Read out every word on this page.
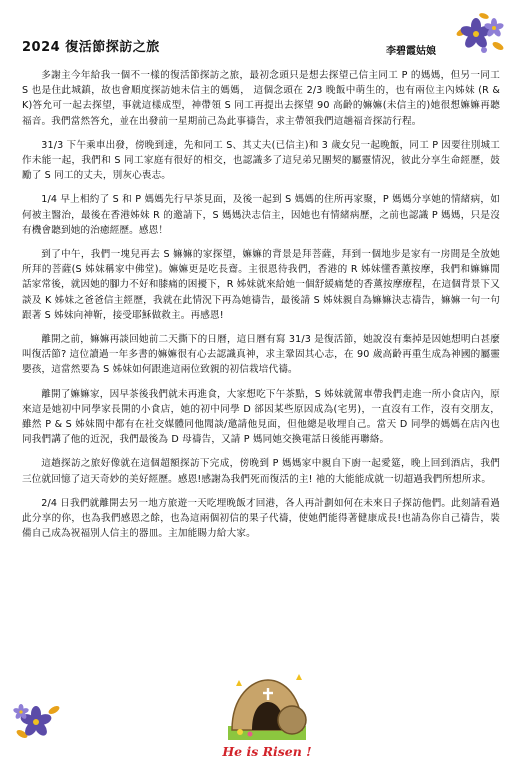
2024 復活節探訪之旅	李碧霞姑娘

多謝主今年給我一個不一樣的復活節探訪之旅，最初念頭只是想去探望己信主同工 P 的媽媽，但另一同工 S 也是住此城鎮，故也會順度探訪她未信主的媽媽， 這個念頭在 2/3 晚飯中萌生的，也有兩位主內姊妹 (R & K)答允可一起去探望，事就這樣成型，神帶領 S 同工再提出去探望 90 高齡的嫲嫲(未信主的)她很想嫲嫲再聽福音。我們當然答允，並在出發前一星期前己為此事禱告，求主帶領我們這趟福音探訪行程。

31/3 下午乘車出發，傍晚到達，先和同工 S、其丈夫(已信主)和 3 歲女兒一起晚飯，同工 P 因要往別城工作未能一起，我們和 S 同工家庭有很好的相交，也認識多了這兒弟兄團契的屬靈情況，彼此分享生命經歷，鼓勵了 S 同工的丈夫，別灰心喪志。

1/4 早上相約了 S 和 P 媽媽先行早茶見面，及後一起到 S 媽媽的住所再家聚，P 媽媽分享她的情緒病，如何被主醫治，最後在香港姊妹 R 的邀請下，S 媽媽決志信主，因她也有情緒病歷，之前也認識 P 媽媽，只是沒有機會聽到她的治癒經歷。感恩！

到了中午，我們一塊兒再去 S 嫲嫲的家探望，嫲嫲的背景是拜菩薩，拜到一個地步是家有一房間是全放她所拜的菩薩(S 姊妹稱家中佛堂)。嫲嫲更是吃長齋。主很恩待我們，香港的 R 姊妹懂香薰按摩，我們和嫲嫲閒話家常後，就因她的腳力不好和膝痛的困擾下，R 姊妹就來給她一個舒緩痛楚的香薰按摩療程，在這個背景下又談及 K 姊妹之爸爸信主經歷，我就在此情況下再為她禱告，最後請 S 姊妹親自為嫲嫲決志禱告，嫲嫲一句一句跟著 S 姊妹向神靳，接受耶穌做救主。再感恩!

離開之前，嫲嫲再談回她前二天撕下的日曆，這日曆有寫 31/3 是復活節，她說沒有棄掉是因她想明白甚麼叫復活節? 這位讀過一年多書的嫲嫲很有心去認識真神，求主鞏固其心志，在 90 歲高齡再重生成為神國的屬靈嬰孩，這當然要為 S 姊妹如何跟進這兩位致親的初信栽培代禱。

離開了嫲嫲家，因早茶後我們就未再進食，大家想吃下午茶點，S 姊妹就駕車帶我們走進一所小食店內，原來這是她初中同學家長開的小食店，她的初中同學 D 郤因某些原因成為(宅男)，一直沒有工作，沒有交朋友，雖然 P & S 姊妹間中都有在社交媒體同他聞談/邀請他見面，但他總是收埋自己。當天 D 同學的媽媽在店內也同我們講了他的近況，我們最後為 D 母禱告，又請 P 媽同她交換電話日後能再聯絡。

這趟探訪之旅好像就在這個超額探訪下完成，傍晚到 P 媽媽家中親自下廚一起愛筵，晚上回到酒店，我們三位就回憶了這天奇妙的美好經歷。感恩!感謝為我們死而復活的主! 祂的大能能成就一切超過我們所想所求。

2/4 日我們就離開去另一地方旅遊一天吃埋晚飯才回港，各人再計劃如何在未來日子探訪他們。此刻請看過此分享的你，也為我們感恩之餘，也為這兩個初信的果子代禱，使她們能得著健康成長!也請為你自己禱告，裝備自己成為祝福別人信主的器皿。主加能賜力給大家。

He is Risen !
